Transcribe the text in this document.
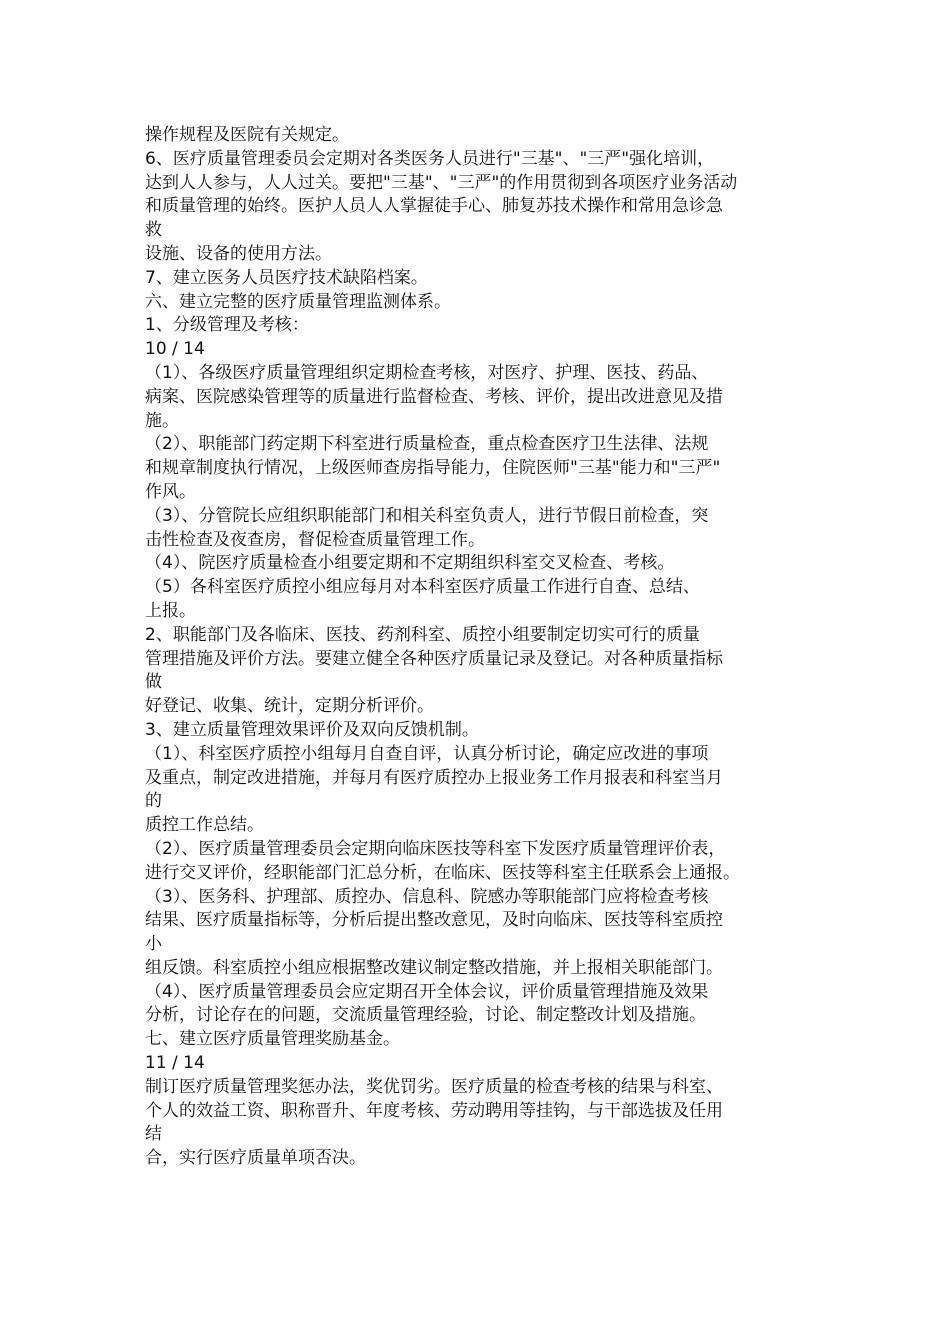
操作规程及医院有关规定。
6、医疗质量管理委员会定期对各类医务人员进行"三基"、"三严"强化培训，
达到人人参与，人人过关。要把"三基"、"三严"的作用贯彻到各项医疗业务活动
和质量管理的始终。医护人员人人掌握徒手心、肺复苏技术操作和常用急诊急
救
设施、设备的使用方法。
7、建立医务人员医疗技术缺陷档案。
六、建立完整的医疗质量管理监测体系。
1、分级管理及考核：
10 / 14
（1）、各级医疗质量管理组织定期检查考核，对医疗、护理、医技、药品、
病案、医院感染管理等的质量进行监督检查、考核、评价，提出改进意见及措
施。
（2）、职能部门药定期下科室进行质量检查，重点检查医疗卫生法律、法规
和规章制度执行情况，上级医师查房指导能力，住院医师"三基"能力和"三严"
作风。
（3）、分管院长应组织职能部门和相关科室负责人，进行节假日前检查，突
击性检查及夜查房，督促检查质量管理工作。
（4）、院医疗质量检查小组要定期和不定期组织科室交叉检查、考核。
（5）各科室医疗质控小组应每月对本科室医疗质量工作进行自查、总结、
上报。
2、职能部门及各临床、医技、药剂科室、质控小组要制定切实可行的质量
管理措施及评价方法。要建立健全各种医疗质量记录及登记。对各种质量指标
做
好登记、收集、统计，定期分析评价。
3、建立质量管理效果评价及双向反馈机制。
（1）、科室医疗质控小组每月自查自评，认真分析讨论，确定应改进的事项
及重点，制定改进措施，并每月有医疗质控办上报业务工作月报表和科室当月
的
质控工作总结。
（2）、医疗质量管理委员会定期向临床医技等科室下发医疗质量管理评价表，
进行交叉评价，经职能部门汇总分析，在临床、医技等科室主任联系会上通报。
（3）、医务科、护理部、质控办、信息科、院感办等职能部门应将检查考核
结果、医疗质量指标等，分析后提出整改意见，及时向临床、医技等科室质控
小
组反馈。科室质控小组应根据整改建议制定整改措施，并上报相关职能部门。
（4）、医疗质量管理委员会应定期召开全体会议，评价质量管理措施及效果
分析，讨论存在的问题，交流质量管理经验，讨论、制定整改计划及措施。
七、建立医疗质量管理奖励基金。
11 / 14
制订医疗质量管理奖惩办法，奖优罚劣。医疗质量的检查考核的结果与科室、
个人的效益工资、职称晋升、年度考核、劳动聘用等挂钩，与干部选拔及任用
结
合，实行医疗质量单项否决。
